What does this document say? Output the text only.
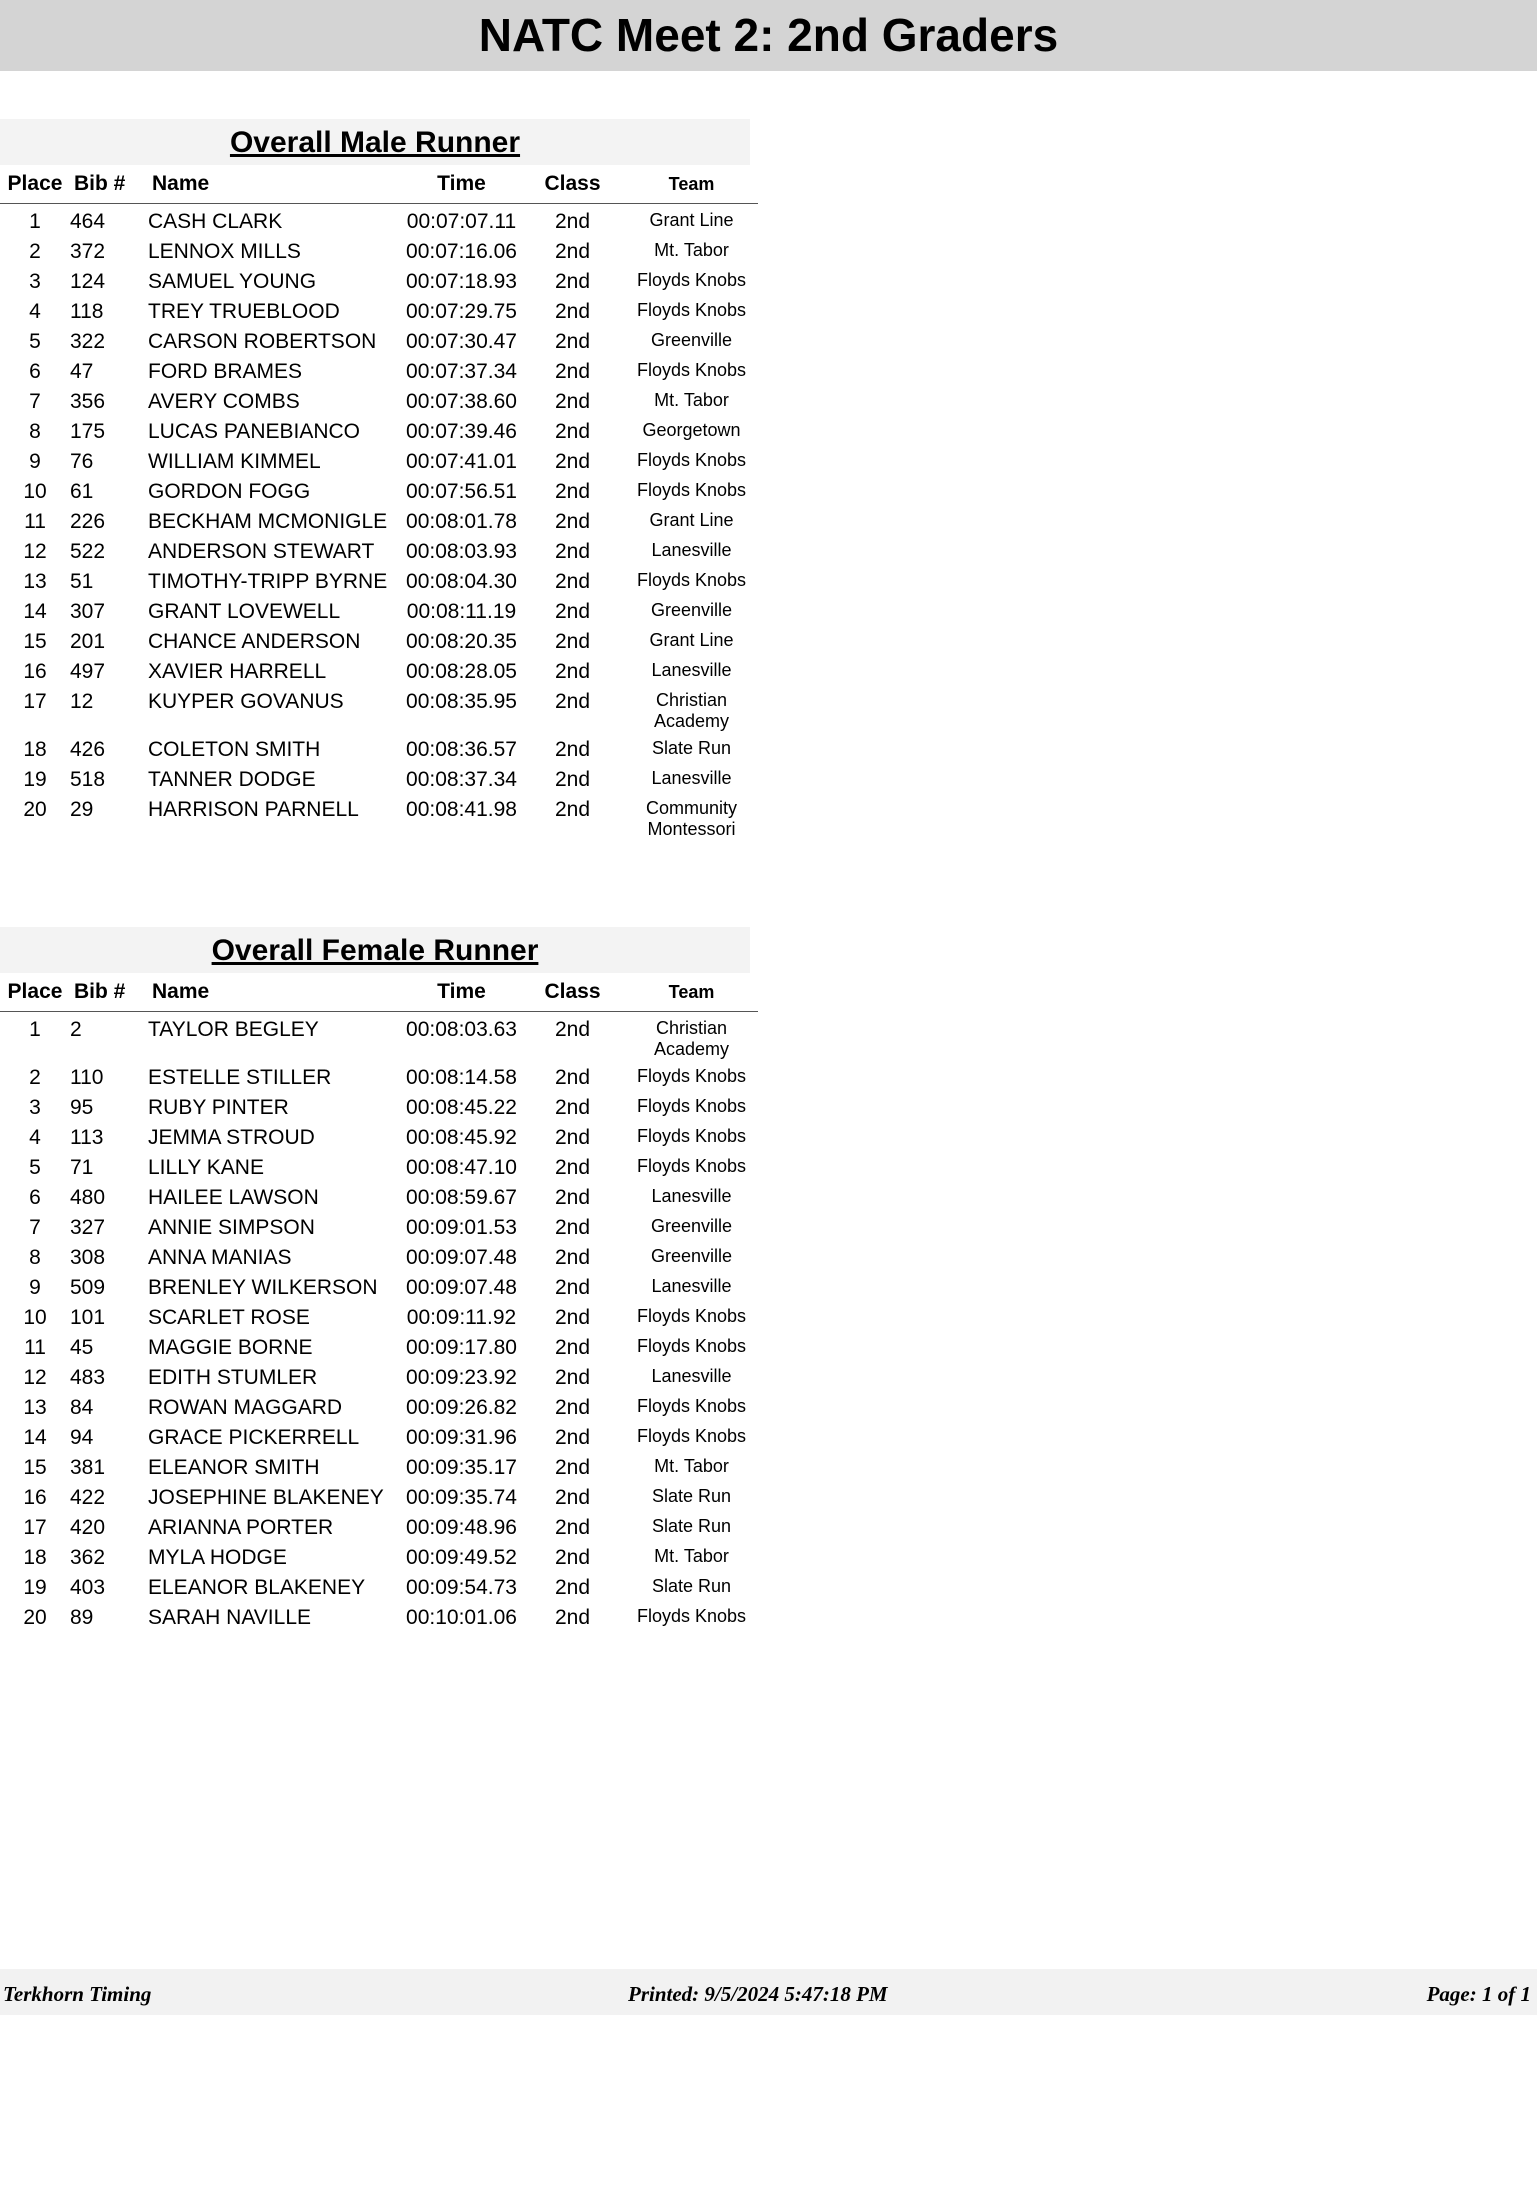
NATC Meet 2: 2nd Graders
Overall Male Runner
Place	Bib #	Name	Time	Class	Team
1	464	CASH CLARK	00:07:07.11	2nd	Grant Line
2	372	LENNOX MILLS	00:07:16.06	2nd	Mt. Tabor
3	124	SAMUEL YOUNG	00:07:18.93	2nd	Floyds Knobs
4	118	TREY TRUEBLOOD	00:07:29.75	2nd	Floyds Knobs
5	322	CARSON ROBERTSON	00:07:30.47	2nd	Greenville
6	47	FORD BRAMES	00:07:37.34	2nd	Floyds Knobs
7	356	AVERY COMBS	00:07:38.60	2nd	Mt. Tabor
8	175	LUCAS PANEBIANCO	00:07:39.46	2nd	Georgetown
9	76	WILLIAM KIMMEL	00:07:41.01	2nd	Floyds Knobs
10	61	GORDON FOGG	00:07:56.51	2nd	Floyds Knobs
11	226	BECKHAM MCMONIGLE	00:08:01.78	2nd	Grant Line
12	522	ANDERSON STEWART	00:08:03.93	2nd	Lanesville
13	51	TIMOTHY-TRIPP BYRNE	00:08:04.30	2nd	Floyds Knobs
14	307	GRANT LOVEWELL	00:08:11.19	2nd	Greenville
15	201	CHANCE ANDERSON	00:08:20.35	2nd	Grant Line
16	497	XAVIER HARRELL	00:08:28.05	2nd	Lanesville
17	12	KUYPER GOVANUS	00:08:35.95	2nd	Christian Academy
18	426	COLETON SMITH	00:08:36.57	2nd	Slate Run
19	518	TANNER DODGE	00:08:37.34	2nd	Lanesville
20	29	HARRISON PARNELL	00:08:41.98	2nd	Community Montessori
Overall Female Runner
Place	Bib #	Name	Time	Class	Team
1	2	TAYLOR BEGLEY	00:08:03.63	2nd	Christian Academy
2	110	ESTELLE STILLER	00:08:14.58	2nd	Floyds Knobs
3	95	RUBY PINTER	00:08:45.22	2nd	Floyds Knobs
4	113	JEMMA STROUD	00:08:45.92	2nd	Floyds Knobs
5	71	LILLY KANE	00:08:47.10	2nd	Floyds Knobs
6	480	HAILEE LAWSON	00:08:59.67	2nd	Lanesville
7	327	ANNIE SIMPSON	00:09:01.53	2nd	Greenville
8	308	ANNA MANIAS	00:09:07.48	2nd	Greenville
9	509	BRENLEY WILKERSON	00:09:07.48	2nd	Lanesville
10	101	SCARLET ROSE	00:09:11.92	2nd	Floyds Knobs
11	45	MAGGIE BORNE	00:09:17.80	2nd	Floyds Knobs
12	483	EDITH STUMLER	00:09:23.92	2nd	Lanesville
13	84	ROWAN MAGGARD	00:09:26.82	2nd	Floyds Knobs
14	94	GRACE PICKERRELL	00:09:31.96	2nd	Floyds Knobs
15	381	ELEANOR SMITH	00:09:35.17	2nd	Mt. Tabor
16	422	JOSEPHINE BLAKENEY	00:09:35.74	2nd	Slate Run
17	420	ARIANNA PORTER	00:09:48.96	2nd	Slate Run
18	362	MYLA HODGE	00:09:49.52	2nd	Mt. Tabor
19	403	ELEANOR BLAKENEY	00:09:54.73	2nd	Slate Run
20	89	SARAH NAVILLE	00:10:01.06	2nd	Floyds Knobs
Terkhorn Timing	Printed: 9/5/2024 5:47:18 PM	Page: 1 of 1
